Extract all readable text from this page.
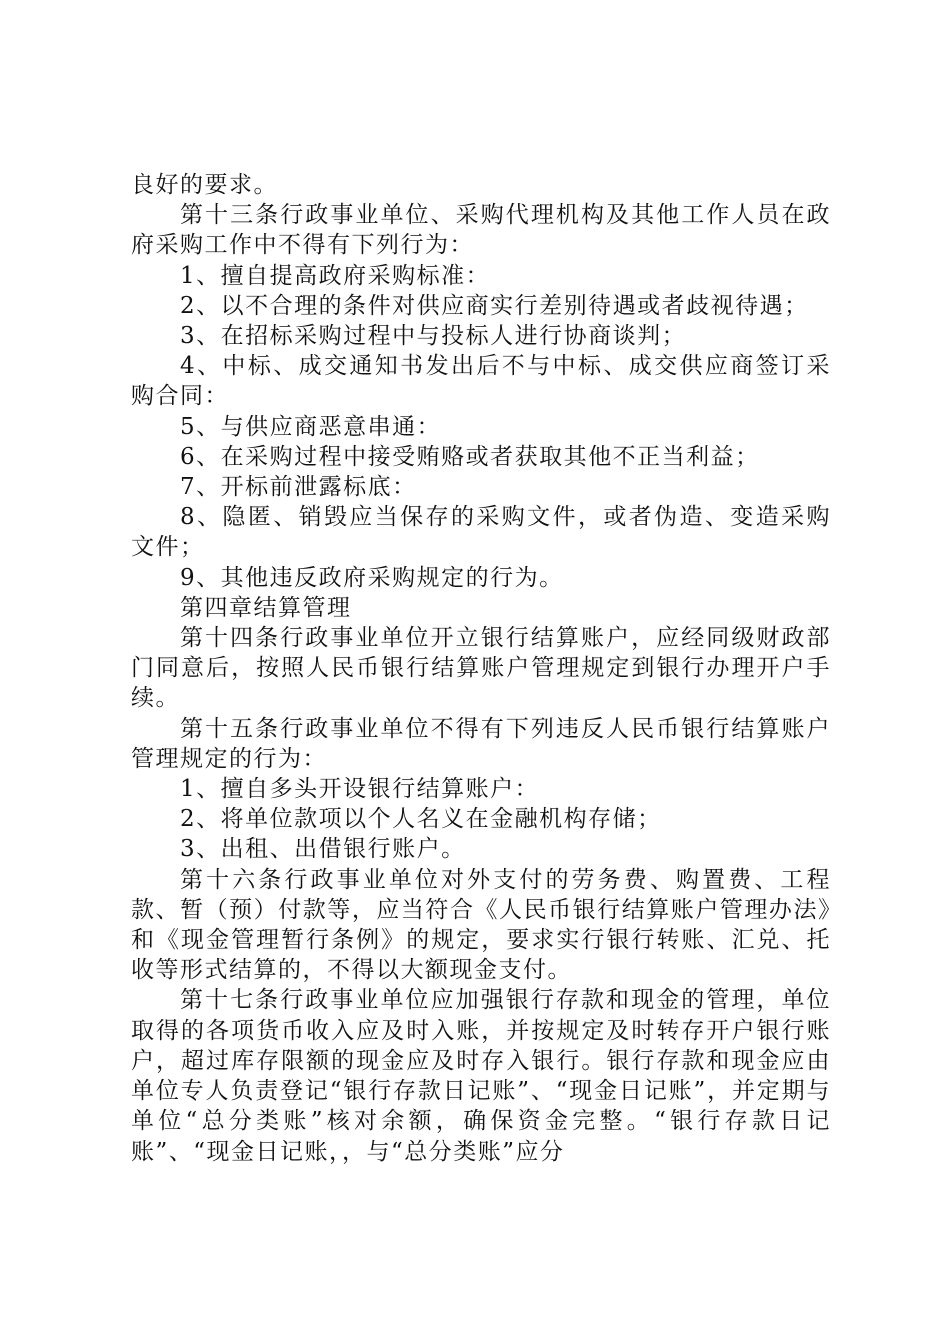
良好的要求。

第十三条行政事业单位、采购代理机构及其他工作人员在政府采购工作中不得有下列行为：

1、擅自提高政府采购标准：

2、以不合理的条件对供应商实行差别待遇或者歧视待遇；

3、在招标采购过程中与投标人进行协商谈判；

4、中标、成交通知书发出后不与中标、成交供应商签订采购合同：

5、与供应商恶意串通：

6、在采购过程中接受贿赂或者获取其他不正当利益；

7、开标前泄露标底：

8、隐匿、销毁应当保存的采购文件，或者伪造、变造采购文件；

9、其他违反政府采购规定的行为。

第四章结算管理

第十四条行政事业单位开立银行结算账户，应经同级财政部门同意后，按照人民币银行结算账户管理规定到银行办理开户手续。

第十五条行政事业单位不得有下列违反人民币银行结算账户管理规定的行为：

1、擅自多头开设银行结算账户：

2、将单位款项以个人名义在金融机构存储；

3、出租、出借银行账户。

第十六条行政事业单位对外支付的劳务费、购置费、工程款、暂（预）付款等，应当符合《人民币银行结算账户管理办法》和《现金管理暂行条例》的规定，要求实行银行转账、汇兑、托收等形式结算的，不得以大额现金支付。

第十七条行政事业单位应加强银行存款和现金的管理，单位取得的各项货币收入应及时入账，并按规定及时转存开户银行账户，超过库存限额的现金应及时存入银行。银行存款和现金应由单位专人负责登记“银行存款日记账”、“现金日记账”，并定期与单位“总分类账”核对余额，确保资金完整。“银行存款日记账”、“现金日记账，，与“总分类账”应分
